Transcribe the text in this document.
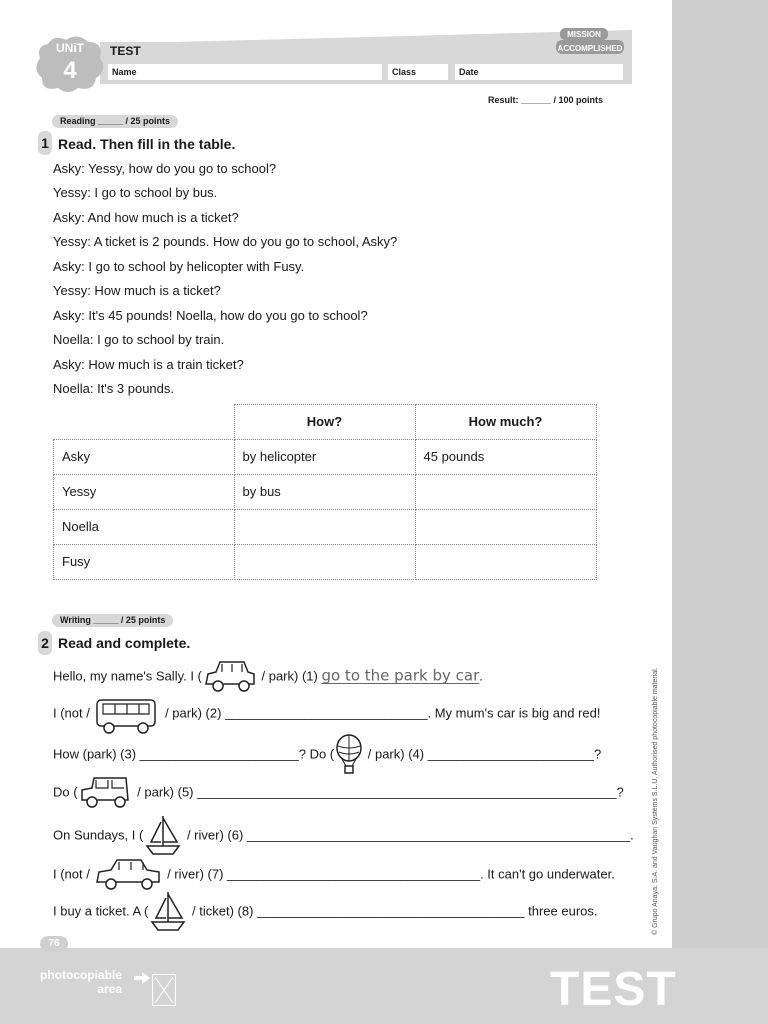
UNiT
4
TEST
Name	Class	Date
MISSION
ACCOMPLISHED
Result: ______ / 100 points
Reading _____ / 25 points
1 Read. Then fill in the table.
Asky: Yessy, how do you go to school?
Yessy: I go to school by bus.
Asky: And how much is a ticket?
Yessy: A ticket is 2 pounds. How do you go to school, Asky?
Asky: I go to school by helicopter with Fusy.
Yessy: How much is a ticket?
Asky: It's 45 pounds! Noella, how do you go to school?
Noella: I go to school by train.
Asky: How much is a train ticket?
Noella: It's 3 pounds.
	How?	How much?
Asky	by helicopter	45 pounds
Yessy	by bus	
Noella		
Fusy		
Writing _____ / 25 points
2 Read and complete.
Hello, my name's Sally. I (	/ park) (1) go to the park by car.
I (not /	/ park) (2) ____________________________. My mum's car is big and red!
How (park) (3) ______________________? Do ( / park) (4) _______________________?
Do (	/ park) (5) __________________________________________________________?
On Sundays, I (	/ river) (6) _____________________________________________________.
I (not /	/ river) (7) ___________________________________. It can't go underwater.
I buy a ticket. A (	/ ticket) (8) _____________________________________ three euros.	© Grupo Anaya, S.A. and Vaughan Systems S.L.U. Authorised photocopiable material.
76
photocopiable
area	TEST
